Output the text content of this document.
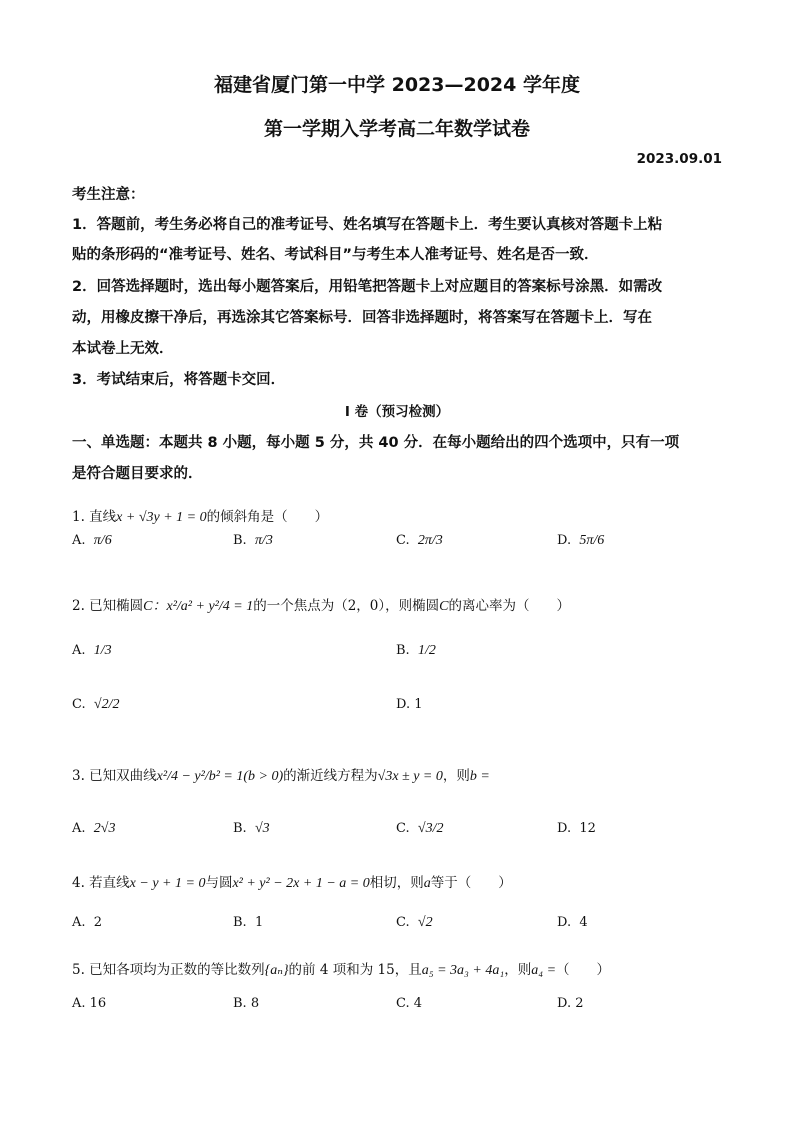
福建省厦门第一中学 2023—2024 学年度
第一学期入学考高二年数学试卷
2023.09.01
考生注意：
1．答题前，考生务必将自己的准考证号、姓名填写在答题卡上．考生要认真核对答题卡上粘
贴的条形码的“准考证号、姓名、考试科目”与考生本人准考证号、姓名是否一致．
2．回答选择题时，选出每小题答案后，用铅笔把答题卡上对应题目的答案标号涂黑．如需改
动，用橡皮擦干净后，再选涂其它答案标号．回答非选择题时，将答案写在答题卡上．写在
本试卷上无效．
3．考试结束后，将答题卡交回．
I 卷（预习检测）
一、单选题：本题共 8 小题，每小题 5 分，共 40 分．在每小题给出的四个选项中，只有一项
是符合题目要求的．
1. 直线x + √3y + 1 = 0的倾斜角是（　　）
A.  π/6	B.  π/3	C.  2π/3	D.  5π/6
2. 已知椭圆C：x²/a² + y²/4 = 1的一个焦点为（2，0），则椭圆C的离心率为（　　）
A.  1/3	B.  1/2
C.  √2/2	D. 1
3. 已知双曲线x²/4 − y²/b² = 1(b > 0)的渐近线方程为√3x ± y = 0，则b =
A.  2√3	B.  √3	C.  √3/2	D.  12
4. 若直线x − y + 1 = 0与圆x² + y² − 2x + 1 − a = 0相切，则a等于（　　）
A.  2	B.  1	C.  √2	D.  4
5. 已知各项均为正数的等比数列{aₙ}的前 4 项和为 15，且a₅ = 3a₃ + 4a₁，则a₄ =（　　）
A. 16	B. 8	C. 4	D. 2
